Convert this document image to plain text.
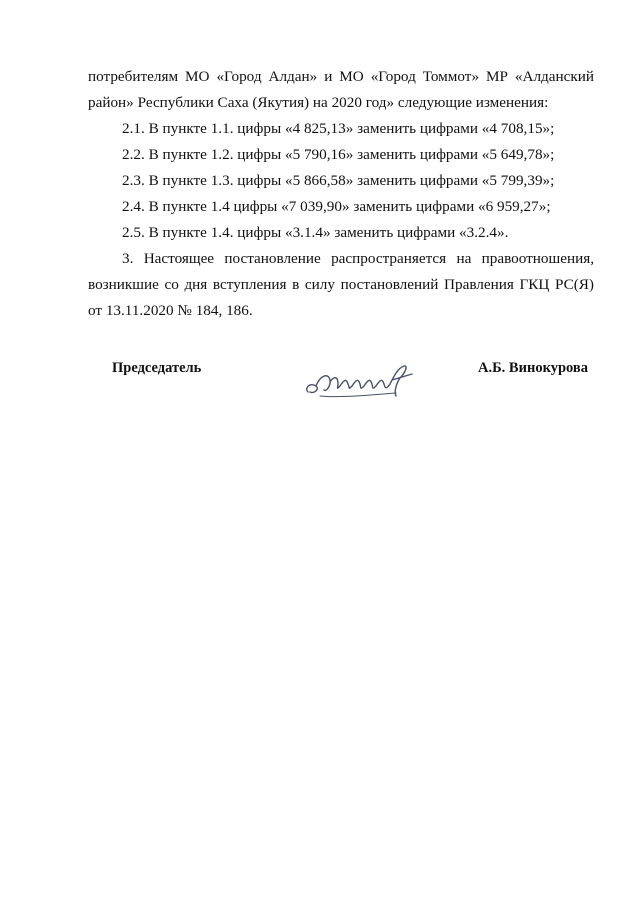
потребителям МО «Город Алдан» и МО «Город Томмот» МР «Алданский

район» Республики Саха (Якутия) на 2020 год» следующие изменения:

2.1. В пункте 1.1. цифры «4 825,13» заменить цифрами «4 708,15»;

2.2. В пункте 1.2. цифры «5 790,16» заменить цифрами «5 649,78»;

2.3. В пункте 1.3. цифры «5 866,58» заменить цифрами «5 799,39»;

2.4. В пункте 1.4 цифры «7 039,90» заменить цифрами «6 959,27»;

2.5. В пункте 1.4. цифры «3.1.4» заменить цифрами «3.2.4».

3. Настоящее постановление распространяется на правоотношения, возникшие со дня вступления в силу постановлений Правления ГКЦ РС(Я) от 13.11.2020 № 184, 186.

Председатель	А.Б. Винокурова
